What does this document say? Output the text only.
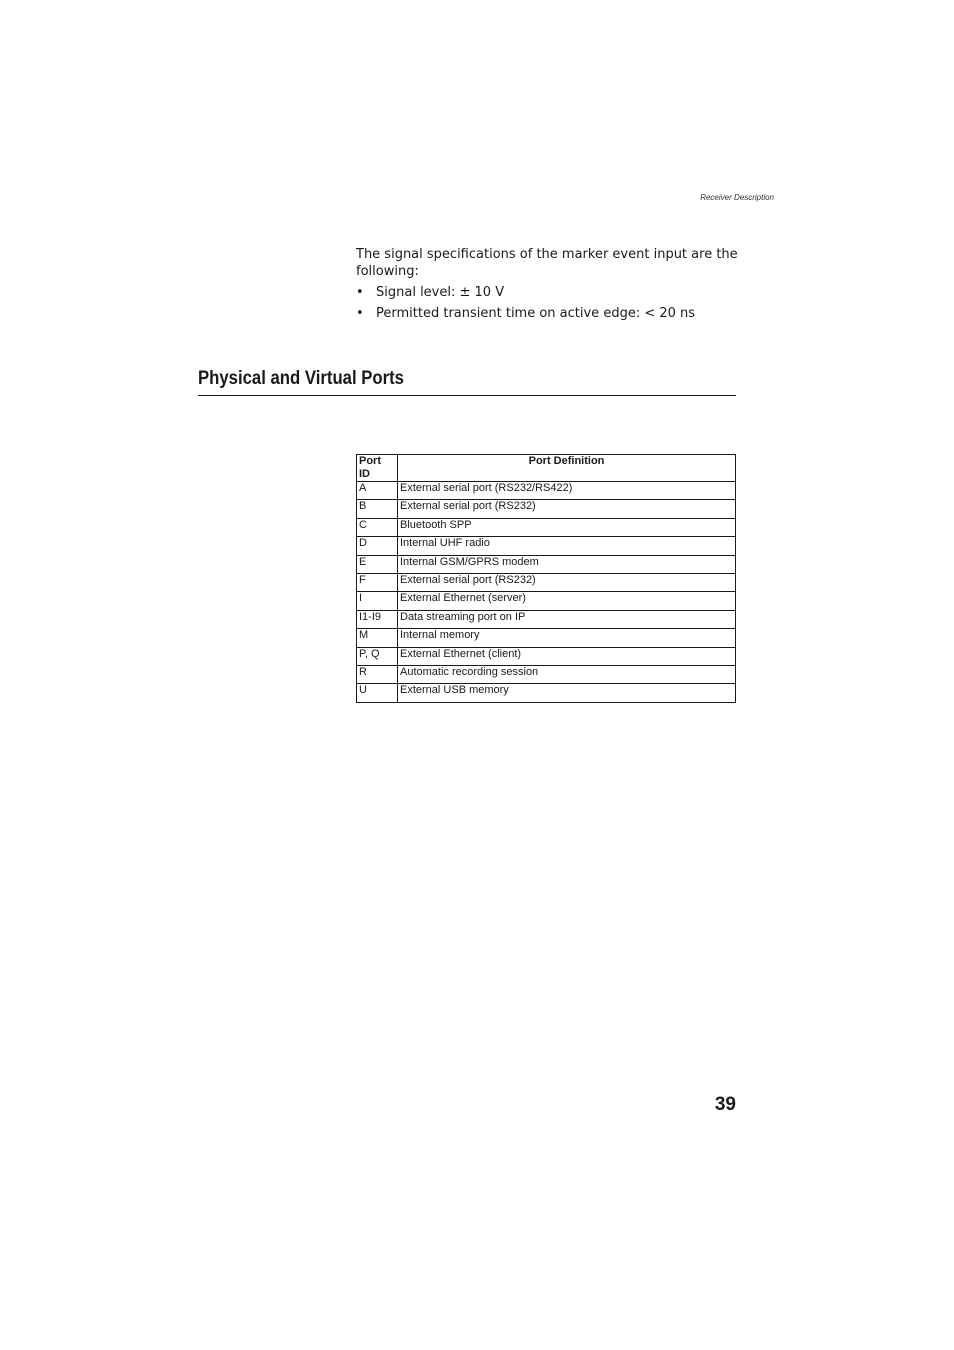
Receiver Description

The signal specifications of the marker event input are the following:

• Signal level: ± 10 V
• Permitted transient time on active edge: < 20 ns
Physical and Virtual Ports
Port ID	Port Definition
A	External serial port (RS232/RS422)
B	External serial port (RS232)
C	Bluetooth SPP
D	Internal UHF radio
E	Internal GSM/GPRS modem
F	External serial port (RS232)
I	External Ethernet (server)
I1-I9	Data streaming port on IP
M	Internal memory
P, Q	External Ethernet (client)
R	Automatic recording session
U	External USB memory
39
